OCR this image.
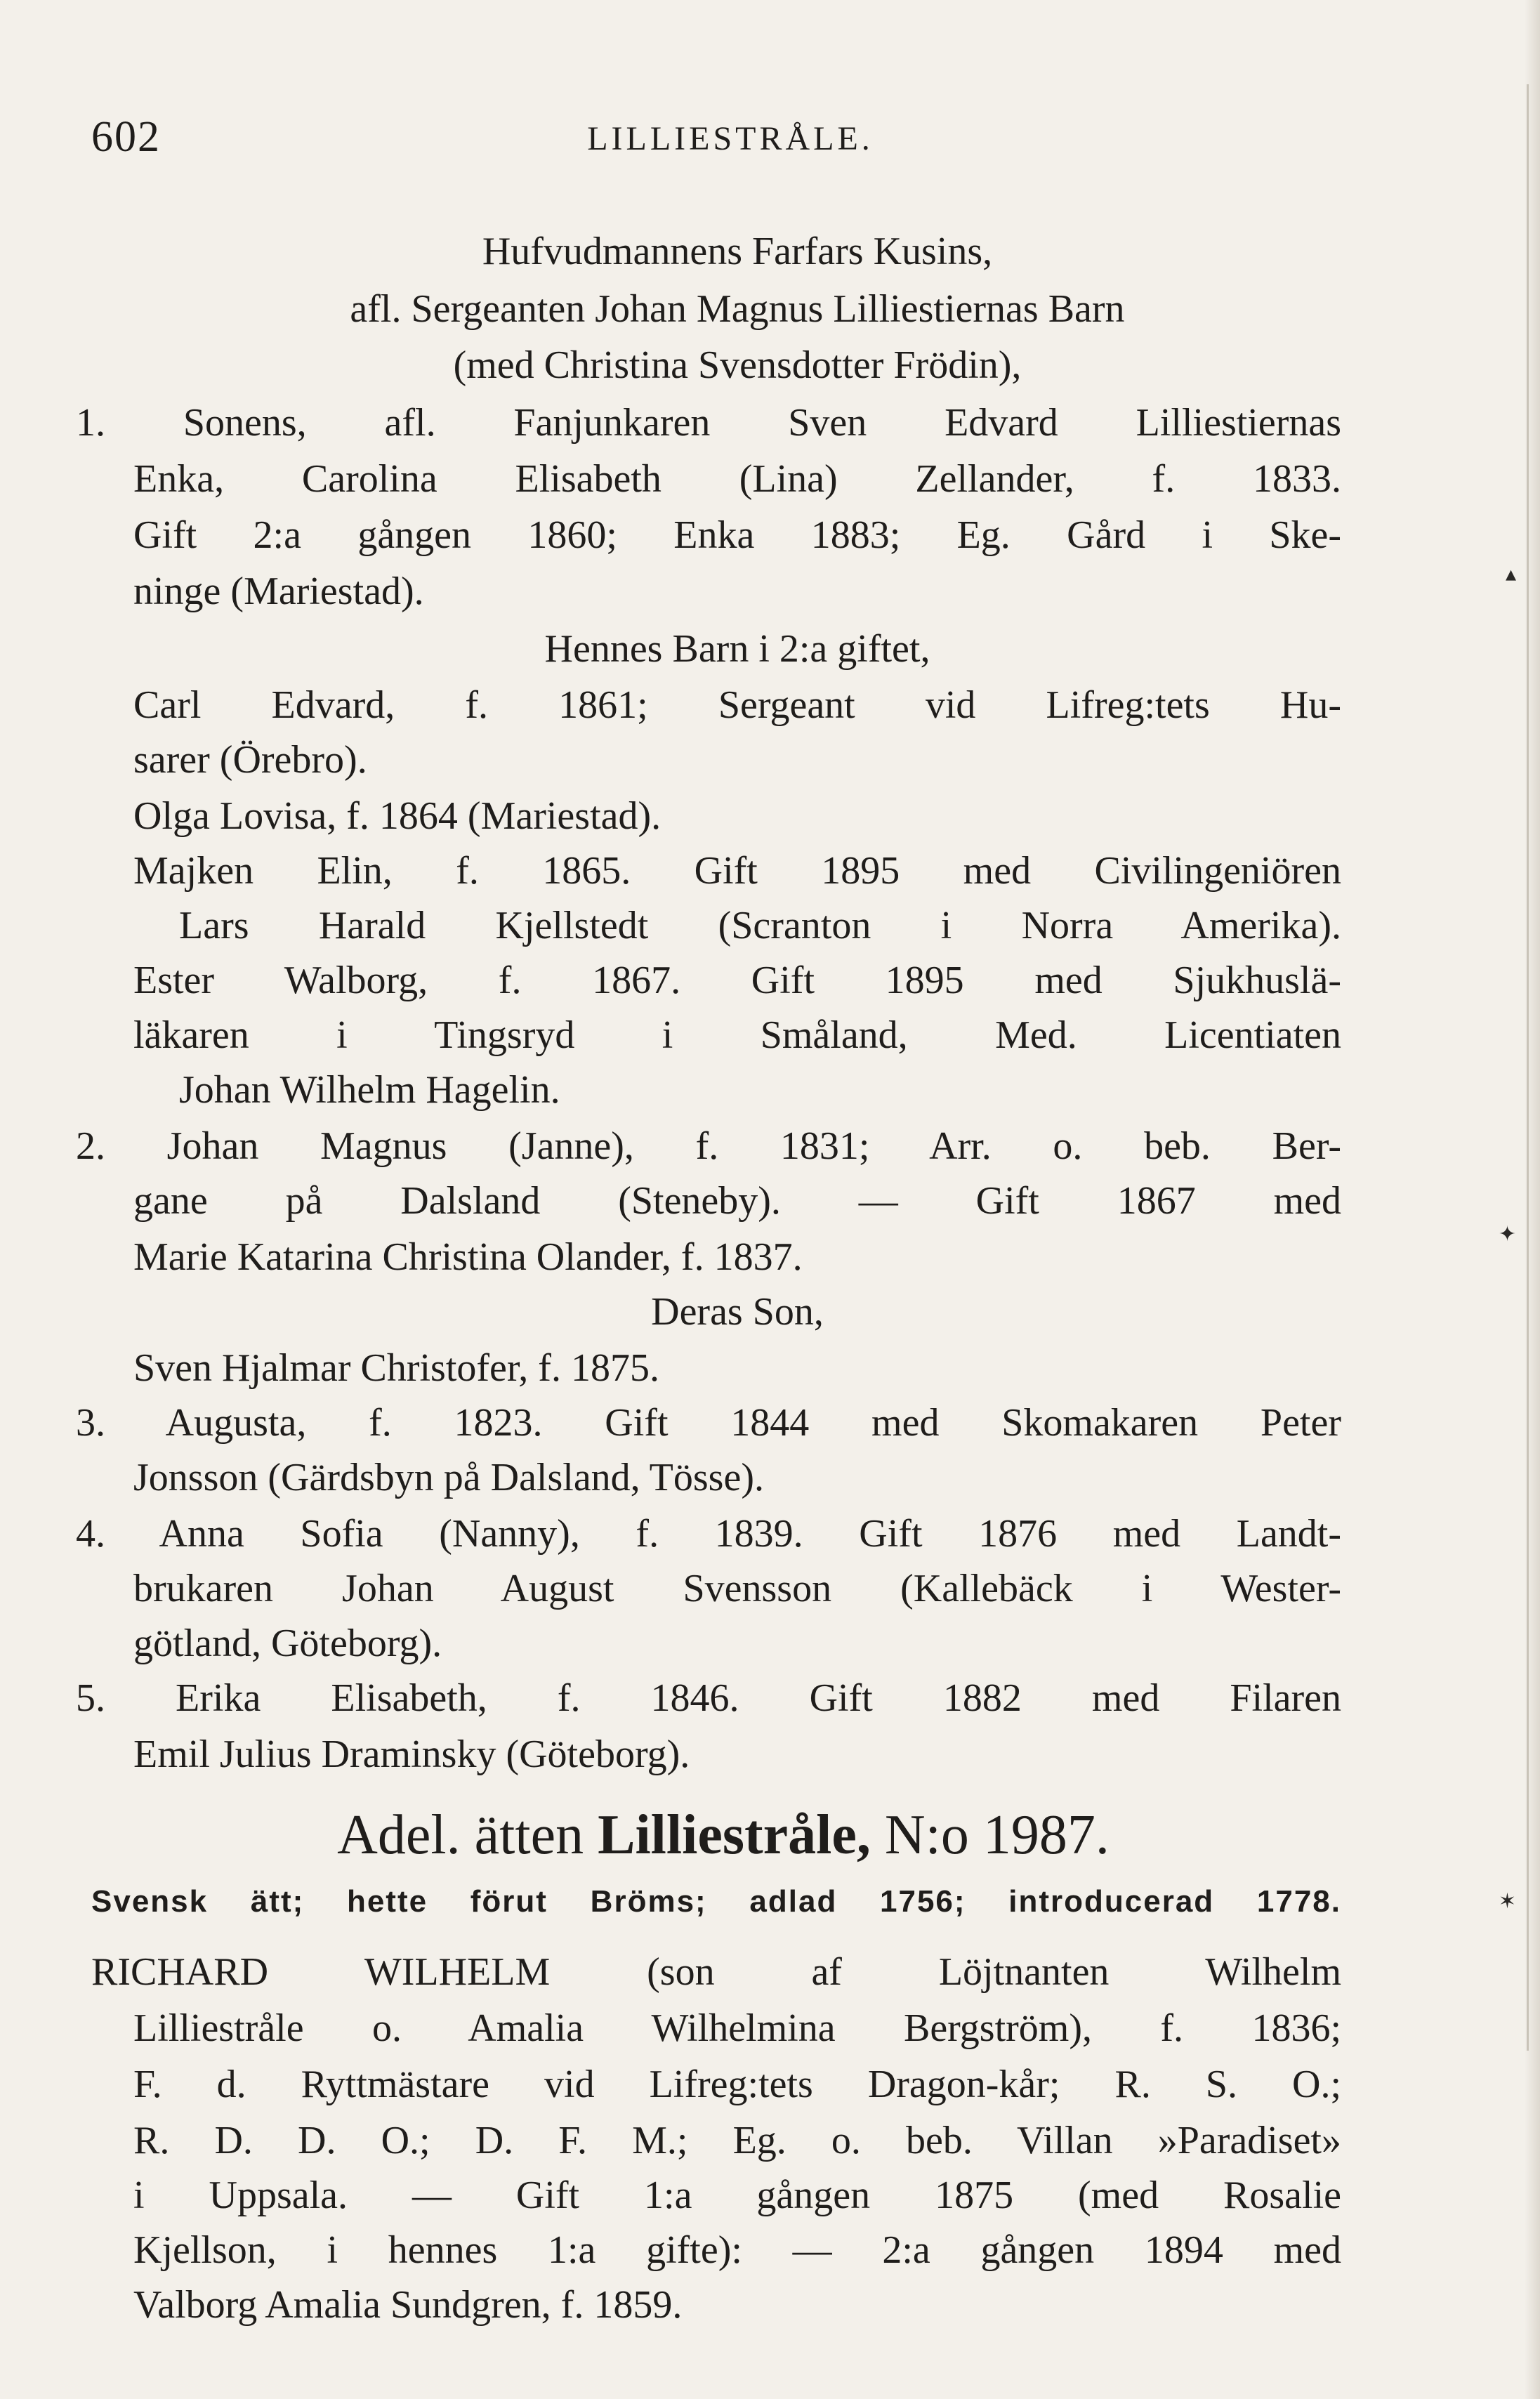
602	LILLIESTRÅLE.
Hufvudmannens Farfars Kusins,
afl. Sergeanten Johan Magnus Lilliestiernas Barn
(med Christina Svensdotter Frödin),
1. Sonens, afl. Fanjunkaren Sven Edvard Lilliestiernas
Enka, Carolina Elisabeth (Lina) Zellander, f. 1833.
Gift 2:a gången 1860; Enka 1883; Eg. Gård i Ske-
ninge (Mariestad).
Hennes Barn i 2:a giftet,
Carl Edvard, f. 1861; Sergeant vid Lifreg:tets Hu-
sarer (Örebro).
Olga Lovisa, f. 1864 (Mariestad).
Majken Elin, f. 1865. Gift 1895 med Civilingeniören
Lars Harald Kjellstedt (Scranton i Norra Amerika).
Ester Walborg, f. 1867. Gift 1895 med Sjukhuslä-
läkaren i Tingsryd i Småland, Med. Licentiaten
Johan Wilhelm Hagelin.
2. Johan Magnus (Janne), f. 1831; Arr. o. beb. Ber-
gane på Dalsland (Steneby). — Gift 1867 med
Marie Katarina Christina Olander, f. 1837.
Deras Son,
Sven Hjalmar Christofer, f. 1875.
3. Augusta, f. 1823. Gift 1844 med Skomakaren Peter
Jonsson (Gärdsbyn på Dalsland, Tösse).
4. Anna Sofia (Nanny), f. 1839. Gift 1876 med Landt-
brukaren Johan August Svensson (Kallebäck i Wester-
götland, Göteborg).
5. Erika Elisabeth, f. 1846. Gift 1882 med Filaren
Emil Julius Draminsky (Göteborg).
Adel. ätten Lilliestråle, N:o 1987.
Svensk ätt; hette förut Bröms; adlad 1756; introducerad 1778.
RICHARD WILHELM (son af Löjtnanten Wilhelm
Lilliestråle o. Amalia Wilhelmina Bergström), f. 1836;
F. d. Ryttmästare vid Lifreg:tets Dragon-kår; R. S. O.;
R. D. D. O.; D. F. M.; Eg. o. beb. Villan »Paradiset»
i Uppsala. — Gift 1:a gången 1875 (med Rosalie
Kjellson, i hennes 1:a gifte): — 2:a gången 1894 med
Valborg Amalia Sundgren, f. 1859.
▴
✦
✶
